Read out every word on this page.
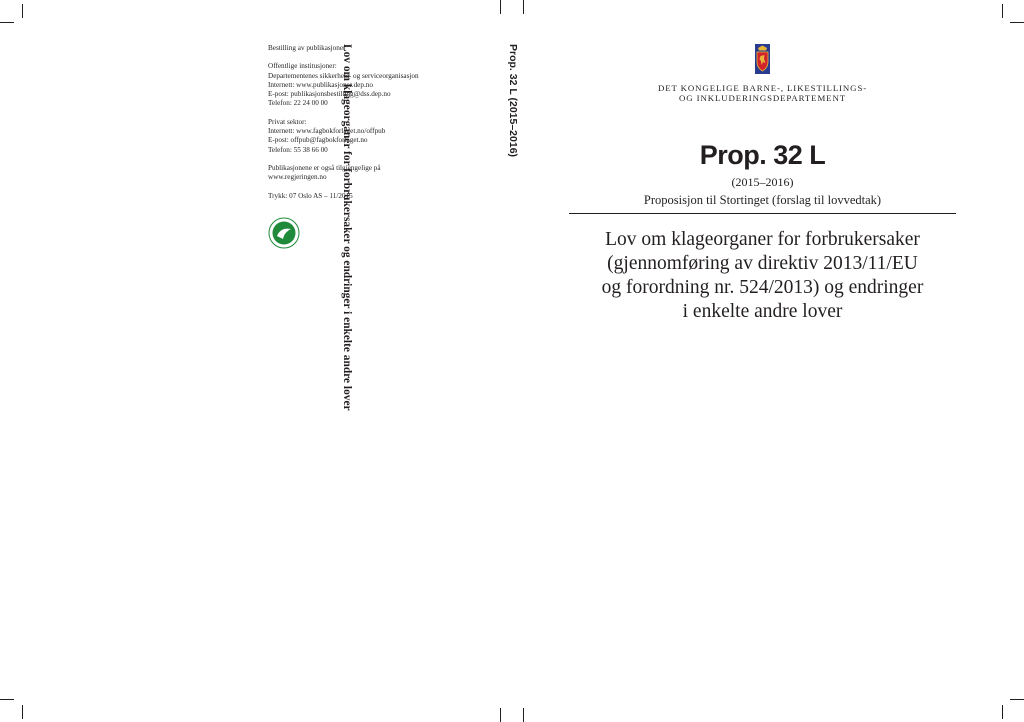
Bestilling av publikasjoner
Offentlige institusjoner:
Departementenes sikkerhets- og serviceorganisasjon
Internett: www.publikasjoner.dep.no
E-post: publikasjonsbestilling@dss.dep.no
Telefon: 22 24 00 00
Privat sektor:
Internett: www.fagbokforlaget.no/offpub
E-post: offpub@fagbokforlaget.no
Telefon: 55 38 66 00
Publikasjonene er også tilgjengelige på
www.regjeringen.no
Trykk: 07 Oslo AS – 11/2015
Prop. 32 L (2015–2016)
Lov om klageorganer for forbrukersaker og endringer i enkelte andre lover	DET KONGELIGE BARNE-, LIKESTILLINGS-
OG INKLUDERINGSDEPARTEMENT
Prop. 32 L
(2015–2016)
Proposisjon til Stortinget (forslag til lovvedtak)
Lov om klageorganer for forbrukersaker
(gjennomføring av direktiv 2013/11/EU
og forordning nr. 524/2013) og endringer
i enkelte andre lover
